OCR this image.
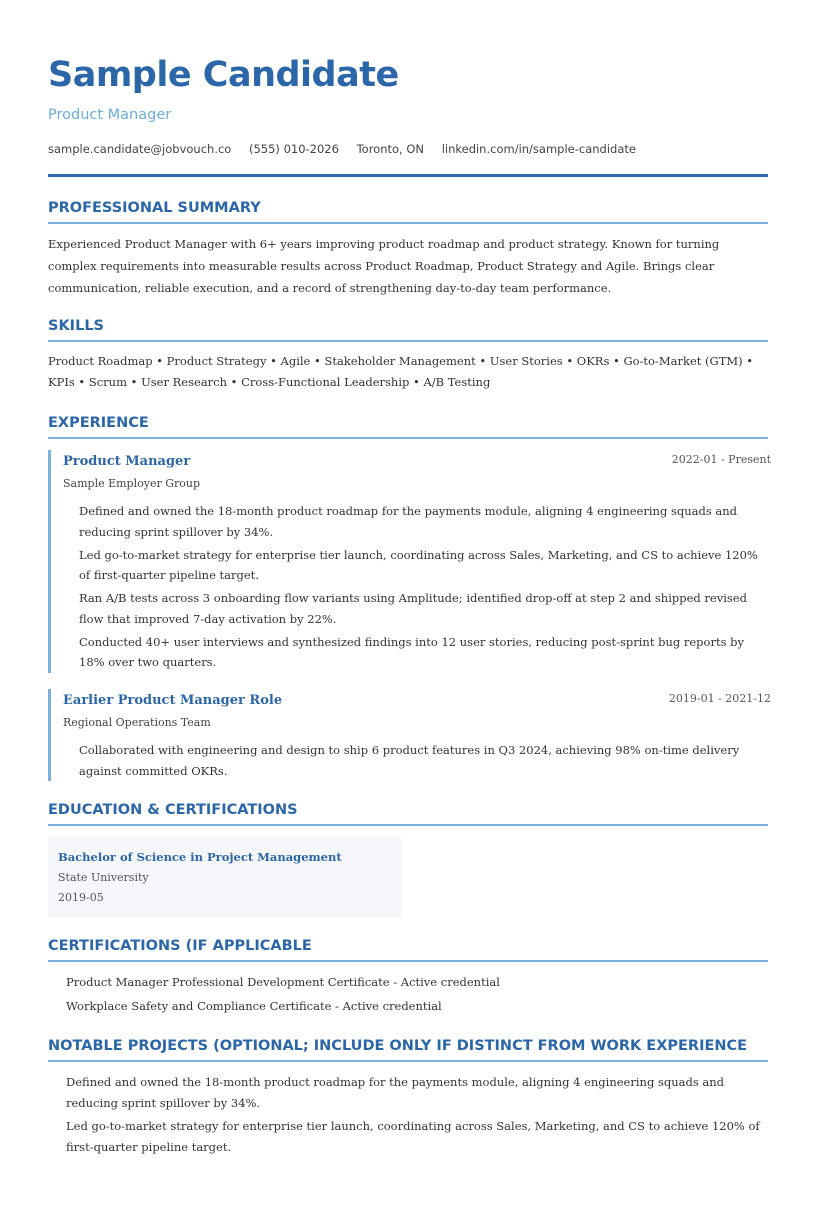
Sample Candidate
Product Manager
sample.candidate@jobvouch.co (555) 010-2026 Toronto, ON linkedin.com/in/sample-candidate
PROFESSIONAL SUMMARY
Experienced Product Manager with 6+ years improving product roadmap and product strategy. Known for turning complex requirements into measurable results across Product Roadmap, Product Strategy and Agile. Brings clear communication, reliable execution, and a record of strengthening day-to-day team performance.
SKILLS
Product Roadmap • Product Strategy • Agile • Stakeholder Management • User Stories • OKRs • Go-to-Market (GTM) • KPIs • Scrum • User Research • Cross-Functional Leadership • A/B Testing
EXPERIENCE
Product Manager	2022-01 - Present
Sample Employer Group
Defined and owned the 18-month product roadmap for the payments module, aligning 4 engineering squads and reducing sprint spillover by 34%.
Led go-to-market strategy for enterprise tier launch, coordinating across Sales, Marketing, and CS to achieve 120% of first-quarter pipeline target.
Ran A/B tests across 3 onboarding flow variants using Amplitude; identified drop-off at step 2 and shipped revised flow that improved 7-day activation by 22%.
Conducted 40+ user interviews and synthesized findings into 12 user stories, reducing post-sprint bug reports by 18% over two quarters.
Earlier Product Manager Role	2019-01 - 2021-12
Regional Operations Team
Collaborated with engineering and design to ship 6 product features in Q3 2024, achieving 98% on-time delivery against committed OKRs.
EDUCATION & CERTIFICATIONS
Bachelor of Science in Project Management
State University
2019-05
CERTIFICATIONS (IF APPLICABLE
Product Manager Professional Development Certificate - Active credential
Workplace Safety and Compliance Certificate - Active credential
NOTABLE PROJECTS (OPTIONAL; INCLUDE ONLY IF DISTINCT FROM WORK EXPERIENCE
Defined and owned the 18-month product roadmap for the payments module, aligning 4 engineering squads and reducing sprint spillover by 34%.
Led go-to-market strategy for enterprise tier launch, coordinating across Sales, Marketing, and CS to achieve 120% of first-quarter pipeline target.
